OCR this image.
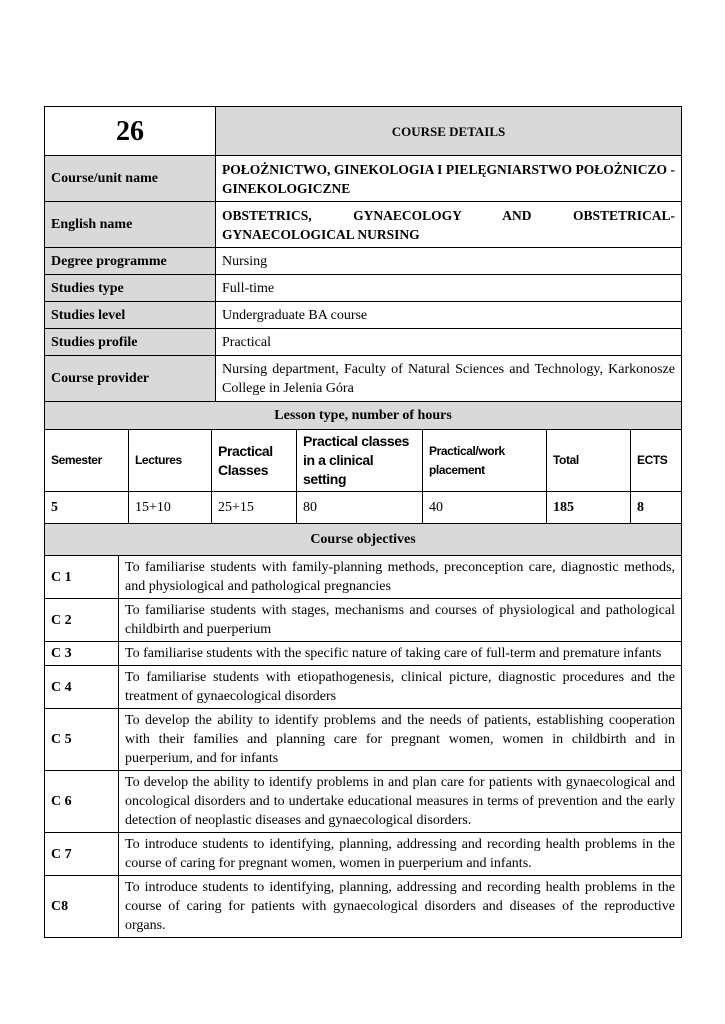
26	COURSE DETAILS
Course/unit name	POŁOŻNICTWO, GINEKOLOGIA I PIELĘGNIARSTWO POŁOŻNICZO - GINEKOLOGICZNE
English name	OBSTETRICS, GYNAECOLOGY AND OBSTETRICAL-GYNAECOLOGICAL NURSING
Degree programme	Nursing
Studies type	Full-time
Studies level	Undergraduate BA course
Studies profile	Practical
Course provider	Nursing department, Faculty of Natural Sciences and Technology, Karkonosze College in Jelenia Góra
Lesson type, number of hours						
Semester	Lectures	Practical Classes	Practical classes in a clinical setting	Practical/work placement	Total	ECTS
5	15+10	25+15	80	40	185	8
Course objectives	
C 1	To familiarise students with family-planning methods, preconception care, diagnostic methods, and physiological and pathological pregnancies
C 2	To familiarise students with stages, mechanisms and courses of physiological and pathological childbirth and puerperium
C 3	To familiarise students with the specific nature of taking care of full-term and premature infants
C 4	To familiarise students with etiopathogenesis, clinical picture, diagnostic procedures and the treatment of gynaecological disorders
C 5	To develop the ability to identify problems and the needs of patients, establishing cooperation with their families and planning care for pregnant women, women in childbirth and in puerperium, and for infants
C 6	To develop the ability to identify problems in and plan care for patients with gynaecological and oncological disorders and to undertake educational measures in terms of prevention and the early detection of neoplastic diseases and gynaecological disorders.
C 7	To introduce students to identifying, planning, addressing and recording health problems in the course of caring for pregnant women, women in puerperium and infants.
C8	To introduce students to identifying, planning, addressing and recording health problems in the course of caring for patients with gynaecological disorders and diseases of the reproductive organs.
